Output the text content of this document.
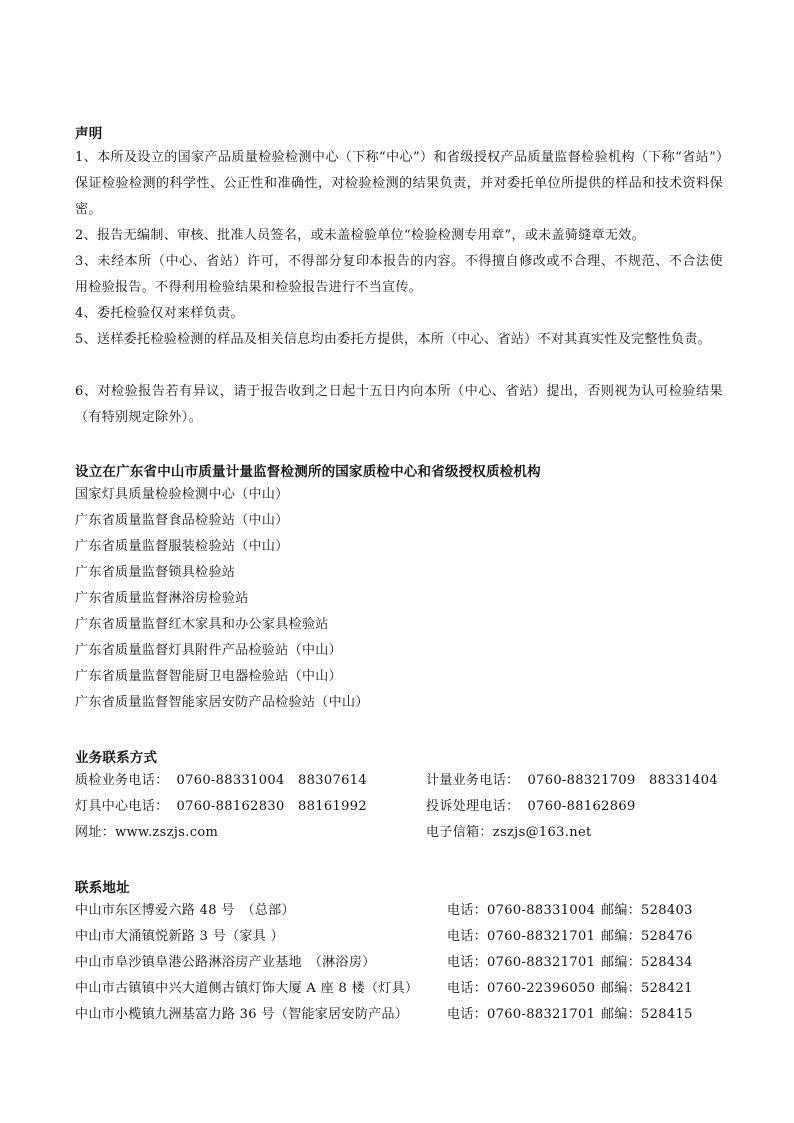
声明
1、本所及设立的国家产品质量检验检测中心（下称“中心”）和省级授权产品质量监督检验机构（下称“省站”）保证检验检测的科学性、公正性和准确性，对检验检测的结果负责，并对委托单位所提供的样品和技术资料保密。
2、报告无编制、审核、批准人员签名，或未盖检验单位“检验检测专用章”，或未盖骑缝章无效。
3、未经本所（中心、省站）许可，不得部分复印本报告的内容。不得擅自修改或不合理、不规范、不合法使用检验报告。不得利用检验结果和检验报告进行不当宣传。
4、委托检验仅对来样负责。
5、送样委托检验检测的样品及相关信息均由委托方提供，本所（中心、省站）不对其真实性及完整性负责。
6、对检验报告若有异议，请于报告收到之日起十五日内向本所（中心、省站）提出，否则视为认可检验结果（有特别规定除外）。
设立在广东省中山市质量计量监督检测所的国家质检中心和省级授权质检机构
国家灯具质量检验检测中心（中山）
广东省质量监督食品检验站（中山）
广东省质量监督服装检验站（中山）
广东省质量监督锁具检验站
广东省质量监督淋浴房检验站
广东省质量监督红木家具和办公家具检验站
广东省质量监督灯具附件产品检验站（中山）
广东省质量监督智能厨卫电器检验站（中山）
广东省质量监督智能家居安防产品检验站（中山）
业务联系方式
质检业务电话： 0760-88331004　88307614	计量业务电话： 0760-88321709　88331404
灯具中心电话： 0760-88162830　88161992	投诉处理电话： 0760-88162869
网址：www.zszjs.com	电子信箱：zszjs@163.net
联系地址
中山市东区博爱六路 48 号　（总部）	电话：0760-88331004 邮编：528403
中山市大涌镇悦新路 3 号（家具 ）	电话：0760-88321701 邮编：528476
中山市阜沙镇阜港公路淋浴房产业基地　（淋浴房）	电话：0760-88321701 邮编：528434
中山市古镇镇中兴大道侧古镇灯饰大厦 A 座 8 楼（灯具） 电话：0760-22396050 邮编：528421
中山市小榄镇九洲基富力路 36 号（智能家居安防产品）	电话：0760-88321701 邮编：528415
